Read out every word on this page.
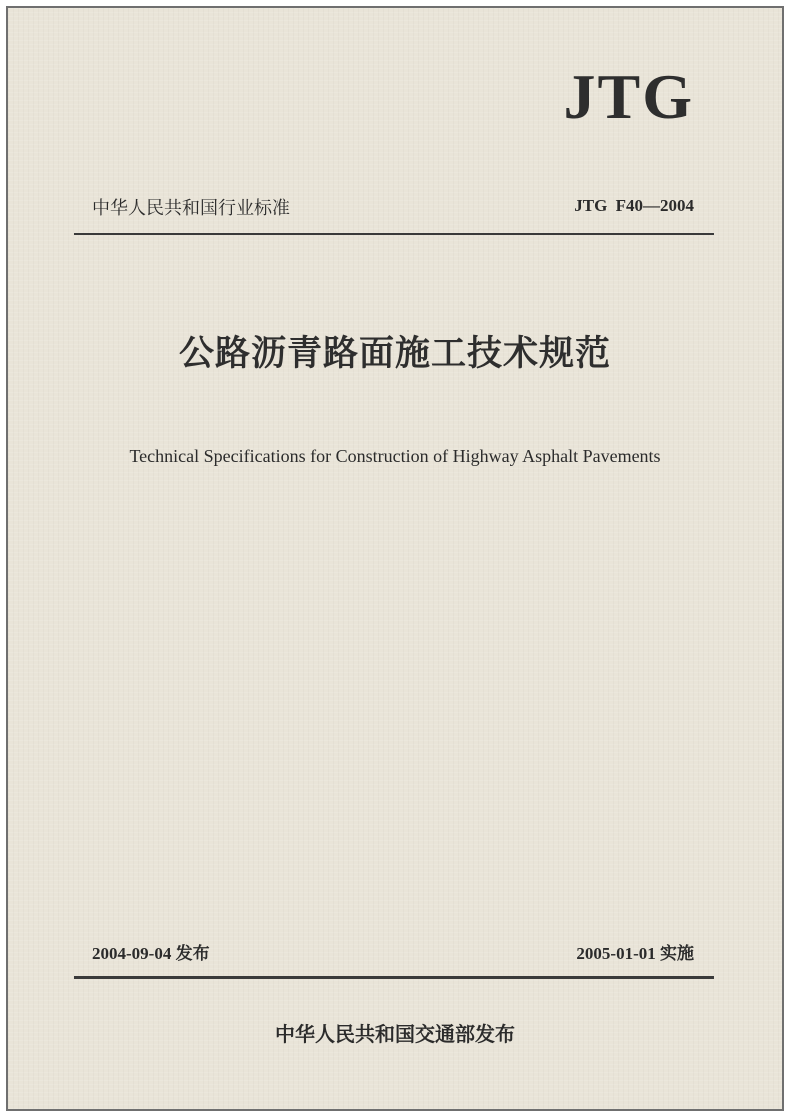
JTG
中华人民共和国行业标准	JTG F40—2004
公路沥青路面施工技术规范
Technical Specifications for Construction of Highway Asphalt Pavements
2004-09-04 发布	2005-01-01 实施
中华人民共和国交通部发布
